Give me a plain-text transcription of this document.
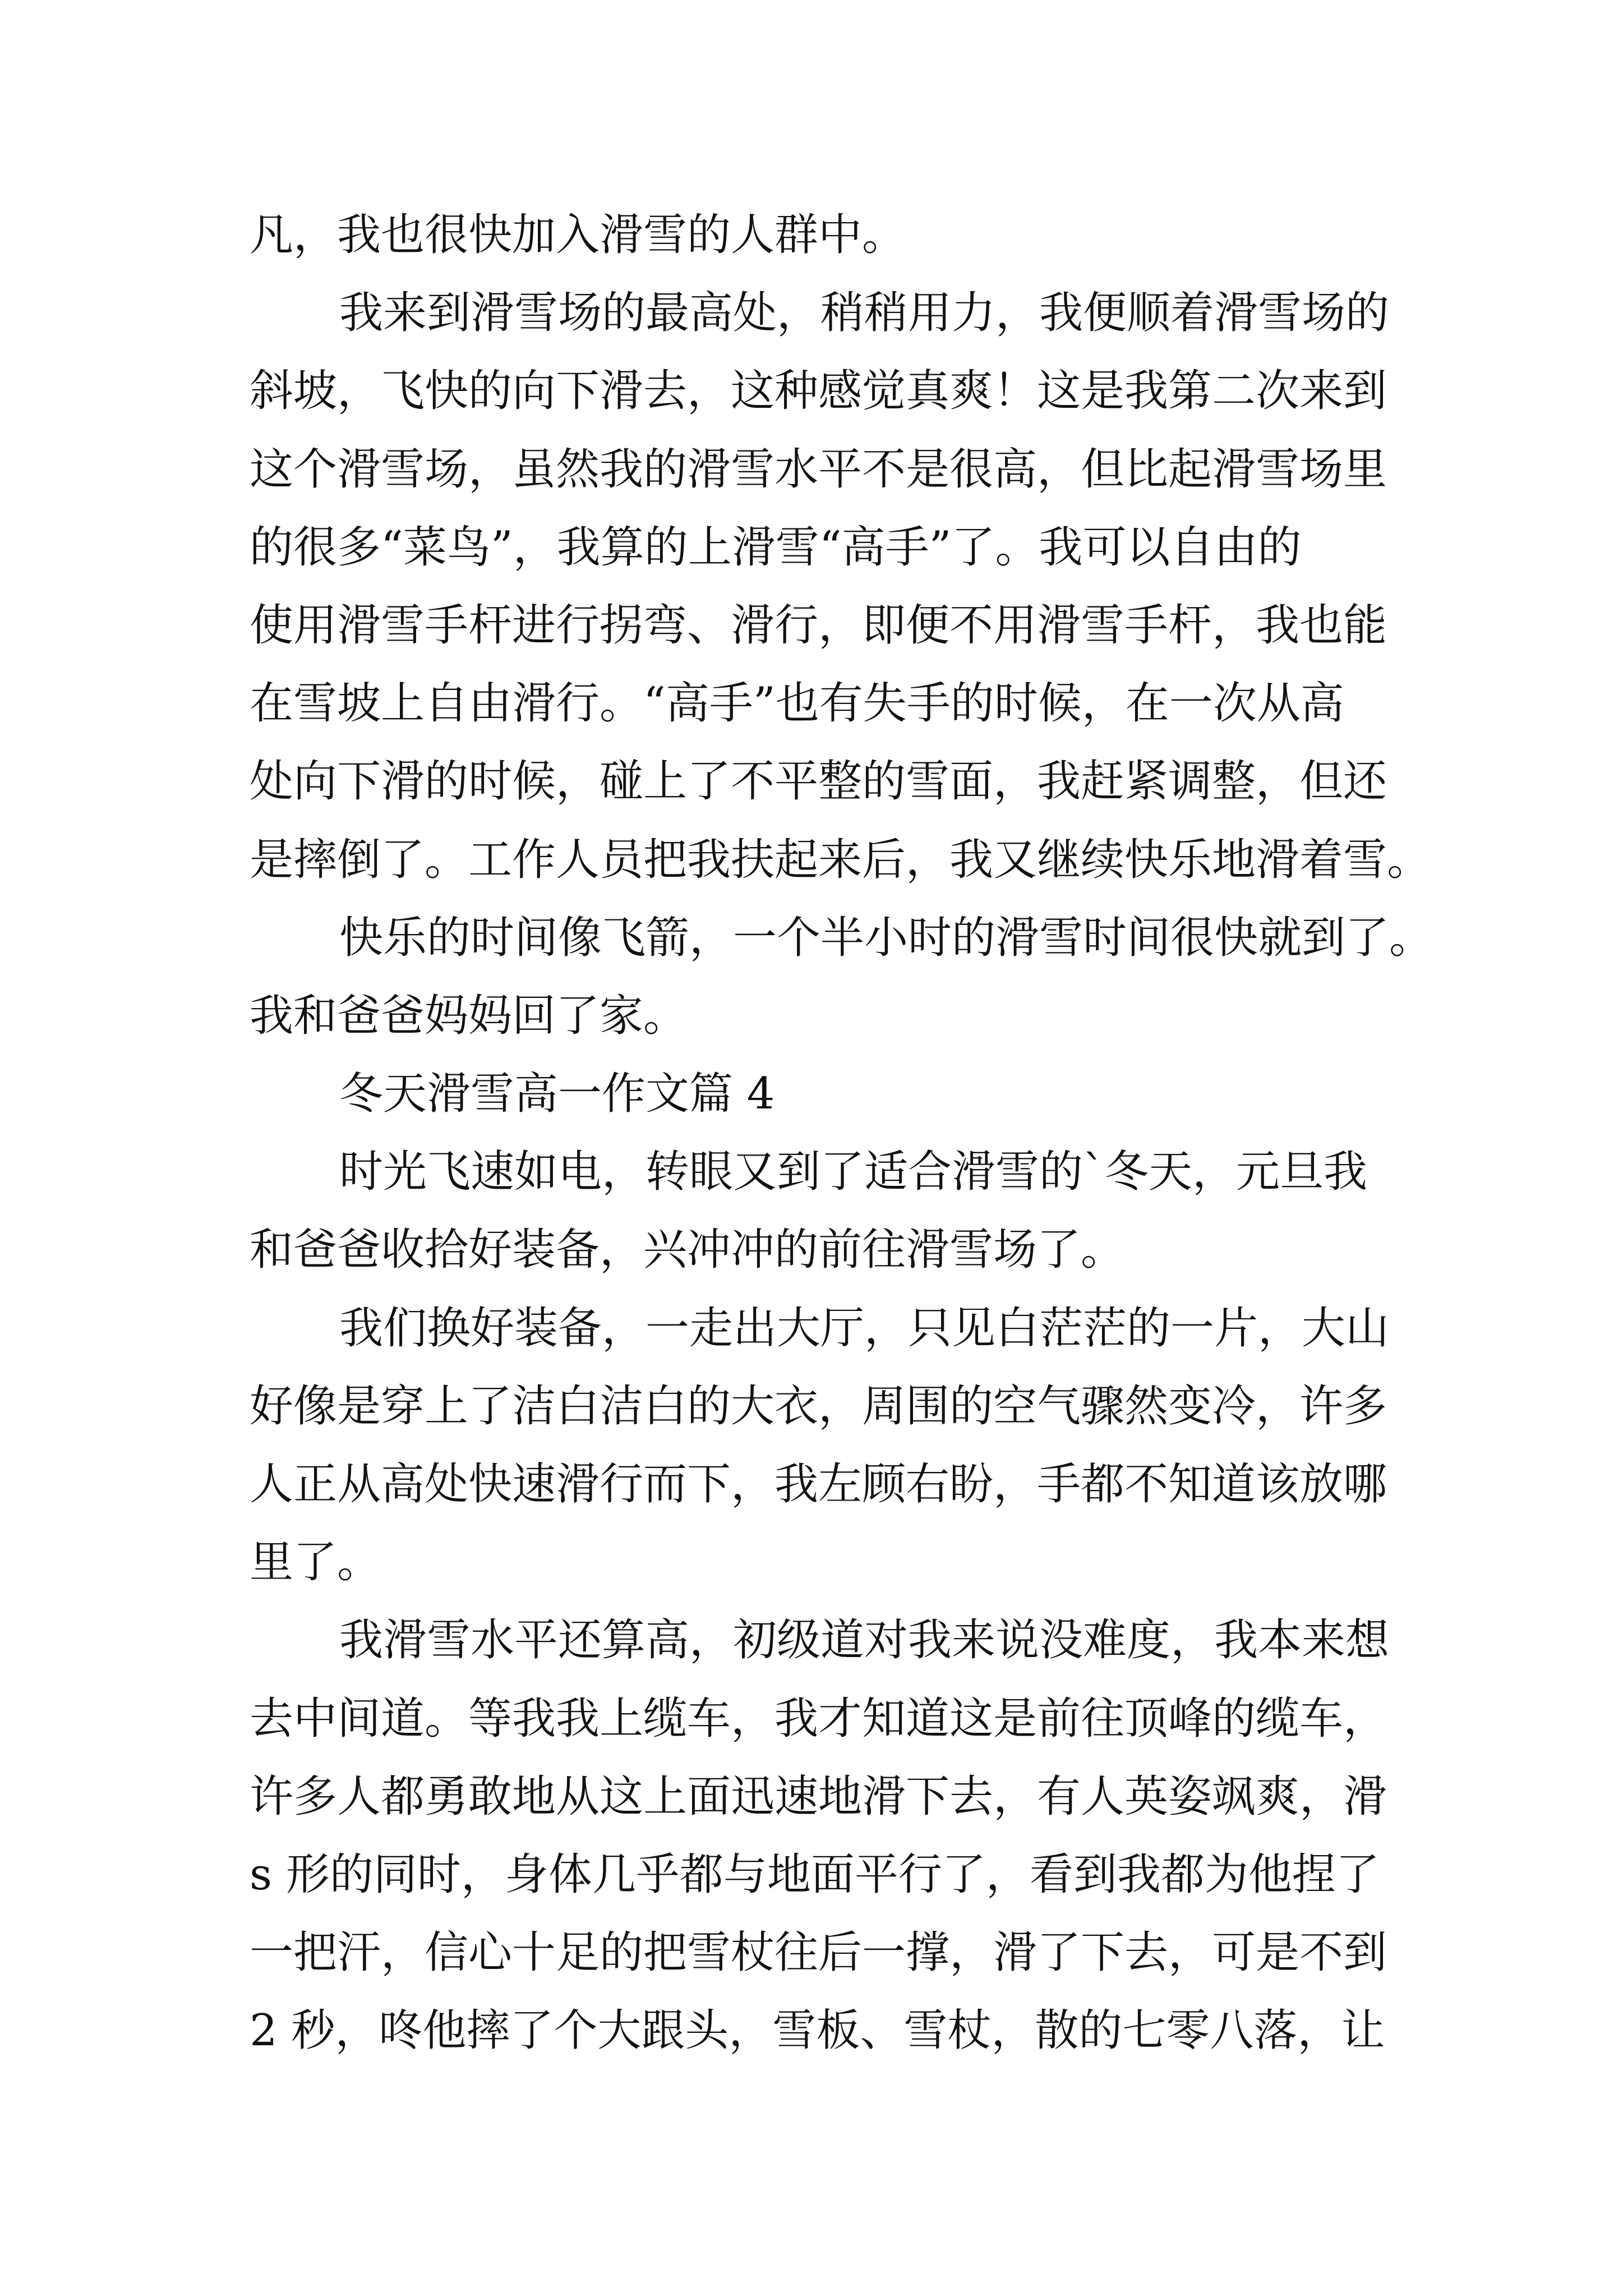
凡，我也很快加入滑雪的人群中。
我来到滑雪场的最高处，稍稍用力，我便顺着滑雪场的
斜坡，飞快的向下滑去，这种感觉真爽！这是我第二次来到
这个滑雪场，虽然我的滑雪水平不是很高，但比起滑雪场里
的很多“菜鸟”，我算的上滑雪“高手”了。我可以自由的
使用滑雪手杆进行拐弯、滑行，即便不用滑雪手杆，我也能
在雪坡上自由滑行。“高手”也有失手的时候，在一次从高
处向下滑的时候，碰上了不平整的雪面，我赶紧调整，但还
是摔倒了。工作人员把我扶起来后，我又继续快乐地滑着雪。
快乐的时间像飞箭，一个半小时的滑雪时间很快就到了。
我和爸爸妈妈回了家。
冬天滑雪高一作文篇 4
时光飞速如电，转眼又到了适合滑雪的`冬天，元旦我
和爸爸收拾好装备，兴冲冲的前往滑雪场了。
我们换好装备，一走出大厅，只见白茫茫的一片，大山
好像是穿上了洁白洁白的大衣，周围的空气骤然变冷，许多
人正从高处快速滑行而下，我左顾右盼，手都不知道该放哪
里了。
我滑雪水平还算高，初级道对我来说没难度，我本来想
去中间道。等我我上缆车，我才知道这是前往顶峰的缆车，
许多人都勇敢地从这上面迅速地滑下去，有人英姿飒爽，滑
s 形的同时，身体几乎都与地面平行了，看到我都为他捏了
一把汗，信心十足的把雪杖往后一撑，滑了下去，可是不到
2 秒，咚他摔了个大跟头，雪板、雪杖，散的七零八落，让
